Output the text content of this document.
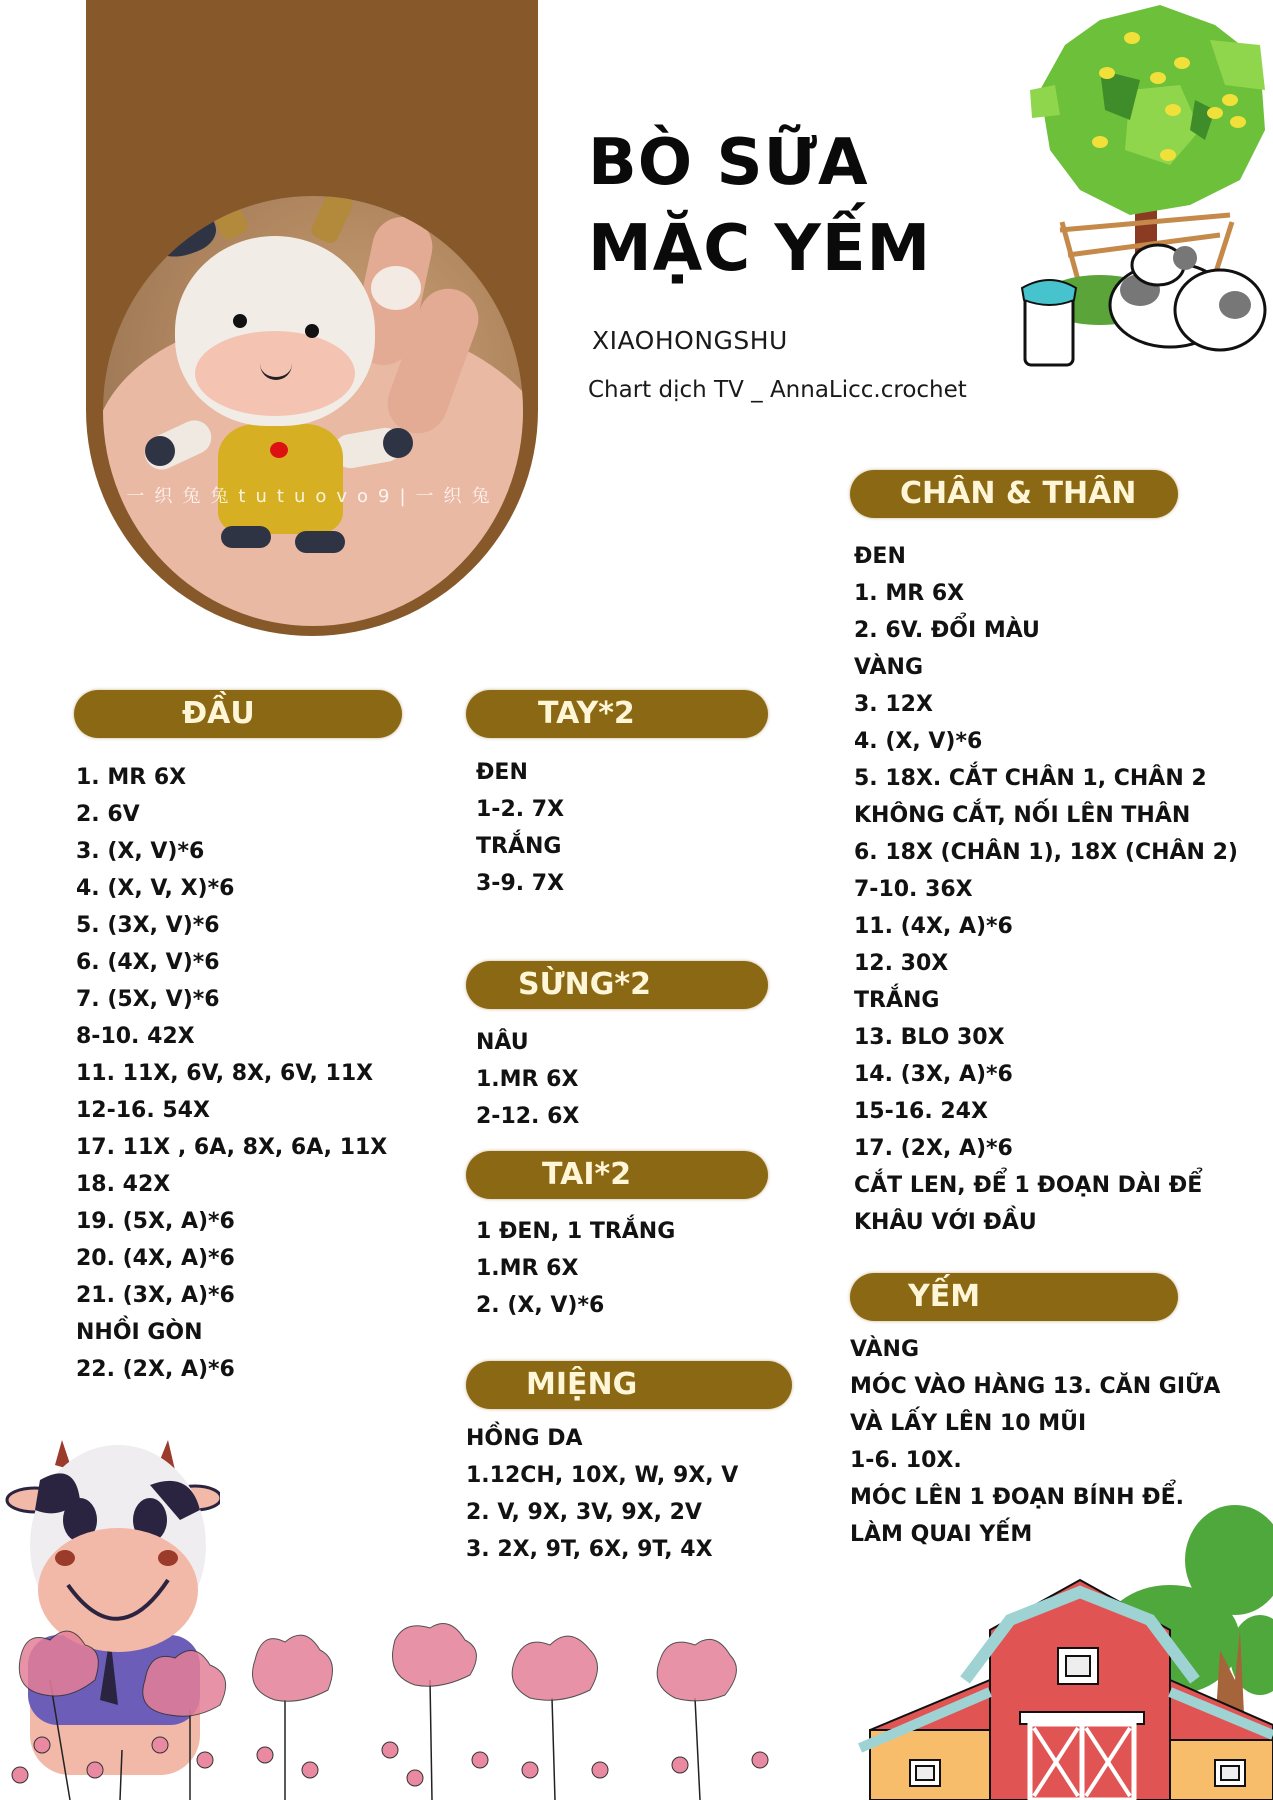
一织兔兔tutuovo9|一织兔
BÒ SỮA
MẶC YẾM
XIAOHONGSHU
Chart dịch TV _ AnnaLicc.crochet
ĐẦU	TAY*2
SỪNG*2
TAI*2
MIỆNG
CHÂN & THÂN
YẾM
1. MR 6X
2. 6V
3. (X, V)*6
4. (X, V, X)*6
5. (3X, V)*6
6. (4X, V)*6
7. (5X, V)*6
8-10. 42X
11. 11X, 6V, 8X, 6V, 11X
12-16. 54X
17. 11X , 6A, 8X, 6A, 11X
18. 42X
19. (5X, A)*6
20. (4X, A)*6
21. (3X, A)*6
NHỒI GÒN
22. (2X, A)*6
ĐEN
1-2. 7X
TRẮNG
3-9. 7X
NÂU
1.MR 6X
2-12. 6X
1 ĐEN, 1 TRẮNG
1.MR 6X
2. (X, V)*6
HỒNG DA
1.12CH, 10X, W, 9X, V
2. V, 9X, 3V, 9X, 2V
3. 2X, 9T, 6X, 9T, 4X
ĐEN
1. MR 6X
2. 6V. ĐỔI MÀU
VÀNG
3. 12X
4. (X, V)*6
5. 18X. CẮT CHÂN 1, CHÂN 2
KHÔNG CẮT, NỐI LÊN THÂN
6. 18X (CHÂN 1), 18X (CHÂN 2)
7-10. 36X
11. (4X, A)*6
12. 30X
TRẮNG
13. BLO 30X
14. (3X, A)*6
15-16. 24X
17. (2X, A)*6
CẮT LEN, ĐỂ 1 ĐOẠN DÀI ĐỂ
KHÂU VỚI ĐẦU
VÀNG
MÓC VÀO HÀNG 13. CĂN GIỮA
VÀ LẤY LÊN 10 MŨI
1-6. 10X.
MÓC LÊN 1 ĐOẠN BÍNH ĐỂ.
LÀM QUAI YẾM
